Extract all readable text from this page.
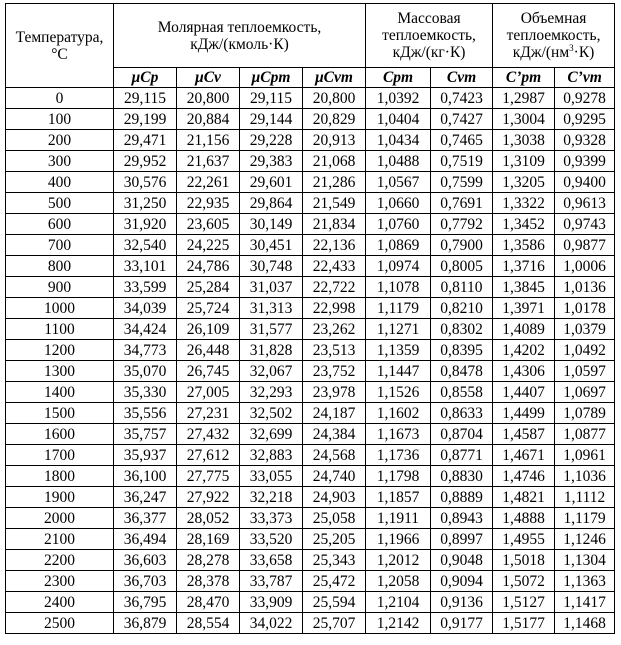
Температура,
°С	Молярная теплоемкость,
кДж/(кмоль·К)				Массовая
теплоемкость,
кДж/(кг·К)		Объемная
теплоемкость,
кДж/$(нм^3\cdot К)$	
	μCp	μCv	μCpm	μCvm	Cpm	Cvm	C’pm	C’vm
0	29,115	20,800	29,115	20,800	1,0392	0,7423	1,2987	0,9278
100	29,199	20,884	29,144	20,829	1,0404	0,7427	1,3004	0,9295
200	29,471	21,156	29,228	20,913	1,0434	0,7465	1,3038	0,9328
300	29,952	21,637	29,383	21,068	1,0488	0,7519	1,3109	0,9399
400	30,576	22,261	29,601	21,286	1,0567	0,7599	1,3205	0,9400
500	31,250	22,935	29,864	21,549	1,0660	0,7691	1,3322	0,9613
600	31,920	23,605	30,149	21,834	1,0760	0,7792	1,3452	0,9743
700	32,540	24,225	30,451	22,136	1,0869	0,7900	1,3586	0,9877
800	33,101	24,786	30,748	22,433	1,0974	0,8005	1,3716	1,0006
900	33,599	25,284	31,037	22,722	1,1078	0,8110	1,3845	1,0136
1000	34,039	25,724	31,313	22,998	1,1179	0,8210	1,3971	1,0178
1100	34,424	26,109	31,577	23,262	1,1271	0,8302	1,4089	1,0379
1200	34,773	26,448	31,828	23,513	1,1359	0,8395	1,4202	1,0492
1300	35,070	26,745	32,067	23,752	1,1447	0,8478	1,4306	1,0597
1400	35,330	27,005	32,293	23,978	1,1526	0,8558	1,4407	1,0697
1500	35,556	27,231	32,502	24,187	1,1602	0,8633	1,4499	1,0789
1600	35,757	27,432	32,699	24,384	1,1673	0,8704	1,4587	1,0877
1700	35,937	27,612	32,883	24,568	1,1736	0,8771	1,4671	1,0961
1800	36,100	27,775	33,055	24,740	1,1798	0,8830	1,4746	1,1036
1900	36,247	27,922	32,218	24,903	1,1857	0,8889	1,4821	1,1112
2000	36,377	28,052	33,373	25,058	1,1911	0,8943	1,4888	1,1179
2100	36,494	28,169	33,520	25,205	1,1966	0,8997	1,4955	1,1246
2200	36,603	28,278	33,658	25,343	1,2012	0,9048	1,5018	1,1304
2300	36,703	28,378	33,787	25,472	1,2058	0,9094	1,5072	1,1363
2400	36,795	28,470	33,909	25,594	1,2104	0,9136	1,5127	1,1417
2500	36,879	28,554	34,022	25,707	1,2142	0,9177	1,5177	1,1468
